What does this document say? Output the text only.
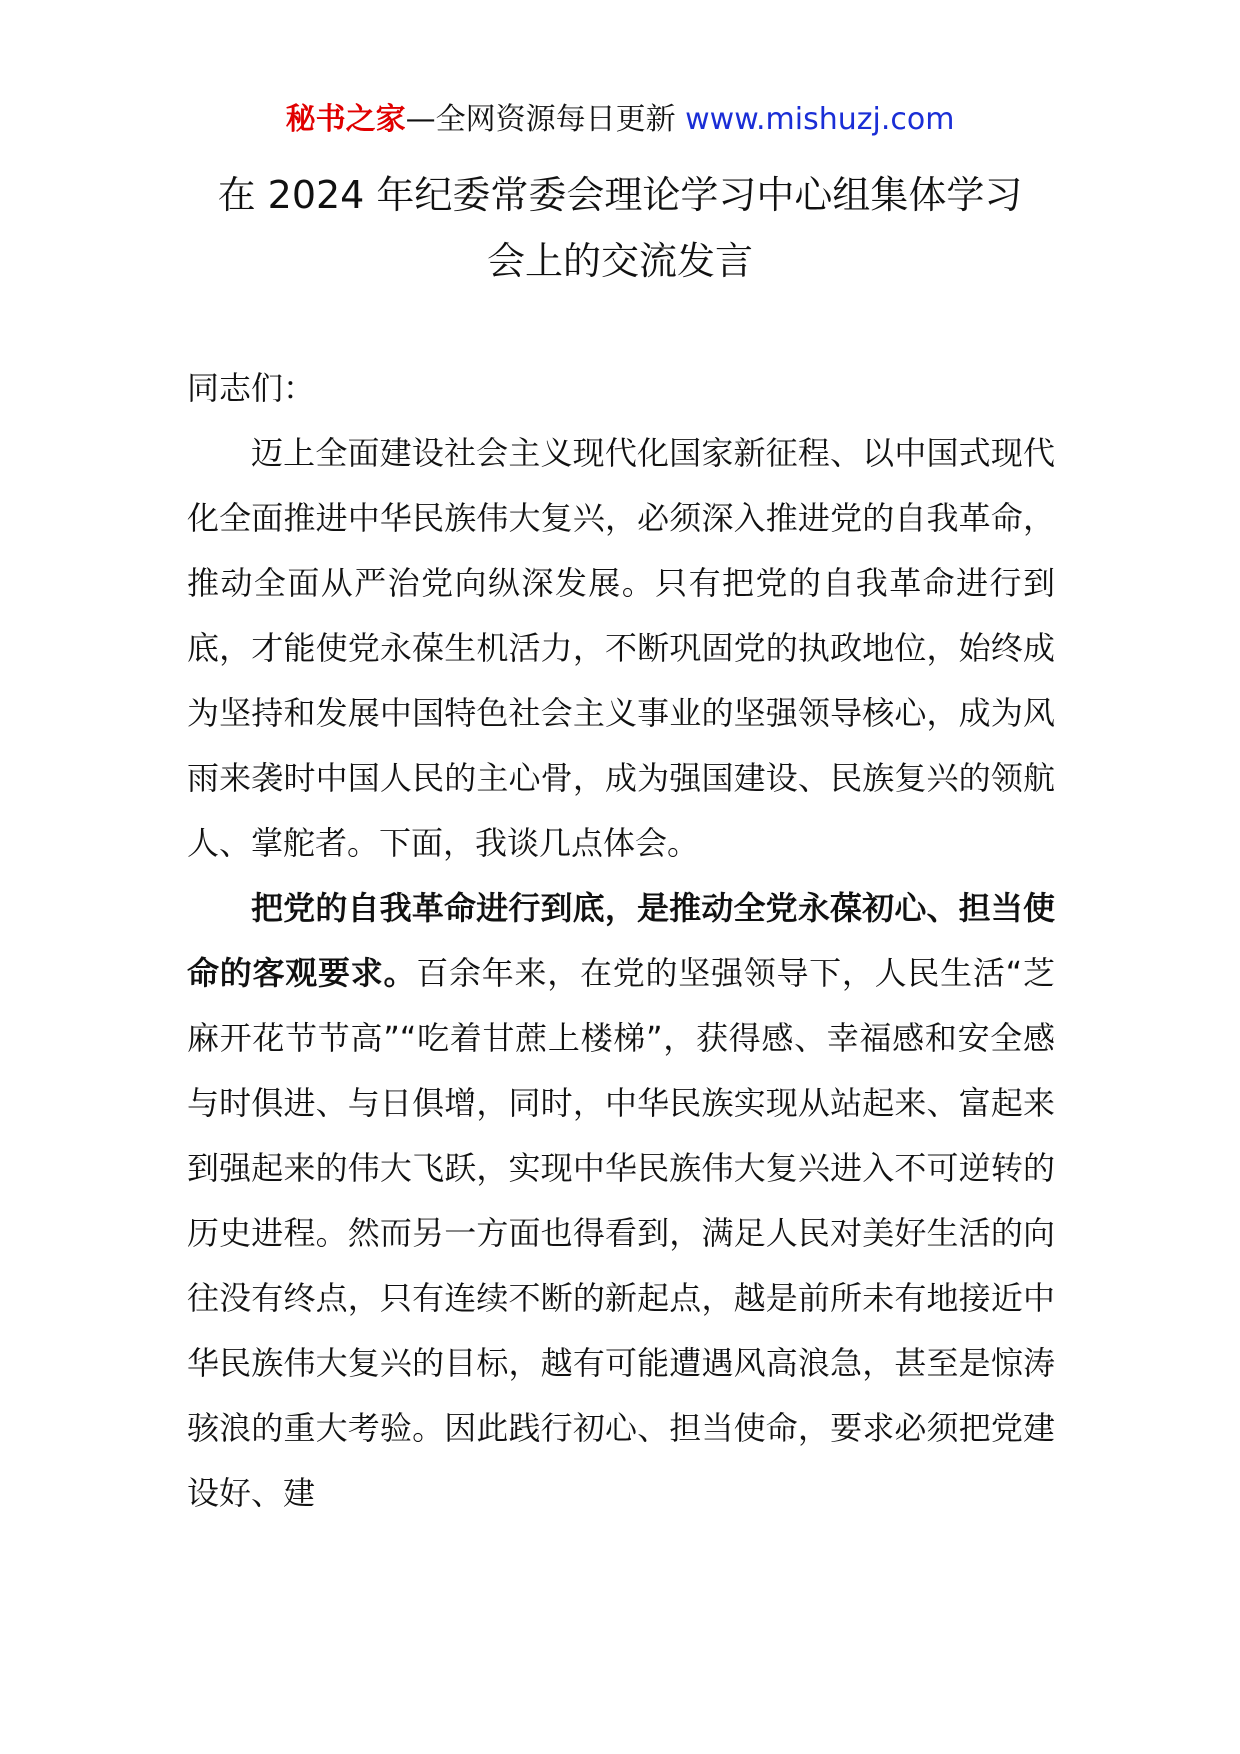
秘书之家—全网资源每日更新 www.mishuzj.com
在 2024 年纪委常委会理论学习中心组集体学习
会上的交流发言

同志们：

迈上全面建设社会主义现代化国家新征程、以中国式现代化全面推进中华民族伟大复兴，必须深入推进党的自我革命，推动全面从严治党向纵深发展。只有把党的自我革命进行到底，才能使党永葆生机活力，不断巩固党的执政地位，始终成为坚持和发展中国特色社会主义事业的坚强领导核心，成为风雨来袭时中国人民的主心骨，成为强国建设、民族复兴的领航人、掌舵者。下面，我谈几点体会。

把党的自我革命进行到底，是推动全党永葆初心、担当使命的客观要求。百余年来，在党的坚强领导下，人民生活“芝麻开花节节高”“吃着甘蔗上楼梯”，获得感、幸福感和安全感与时俱进、与日俱增，同时，中华民族实现从站起来、富起来到强起来的伟大飞跃，实现中华民族伟大复兴进入不可逆转的历史进程。然而另一方面也得看到，满足人民对美好生活的向往没有终点，只有连续不断的新起点，越是前所未有地接近中华民族伟大复兴的目标，越有可能遭遇风高浪急，甚至是惊涛骇浪的重大考验。因此践行初心、担当使命，要求必须把党建设好、建
